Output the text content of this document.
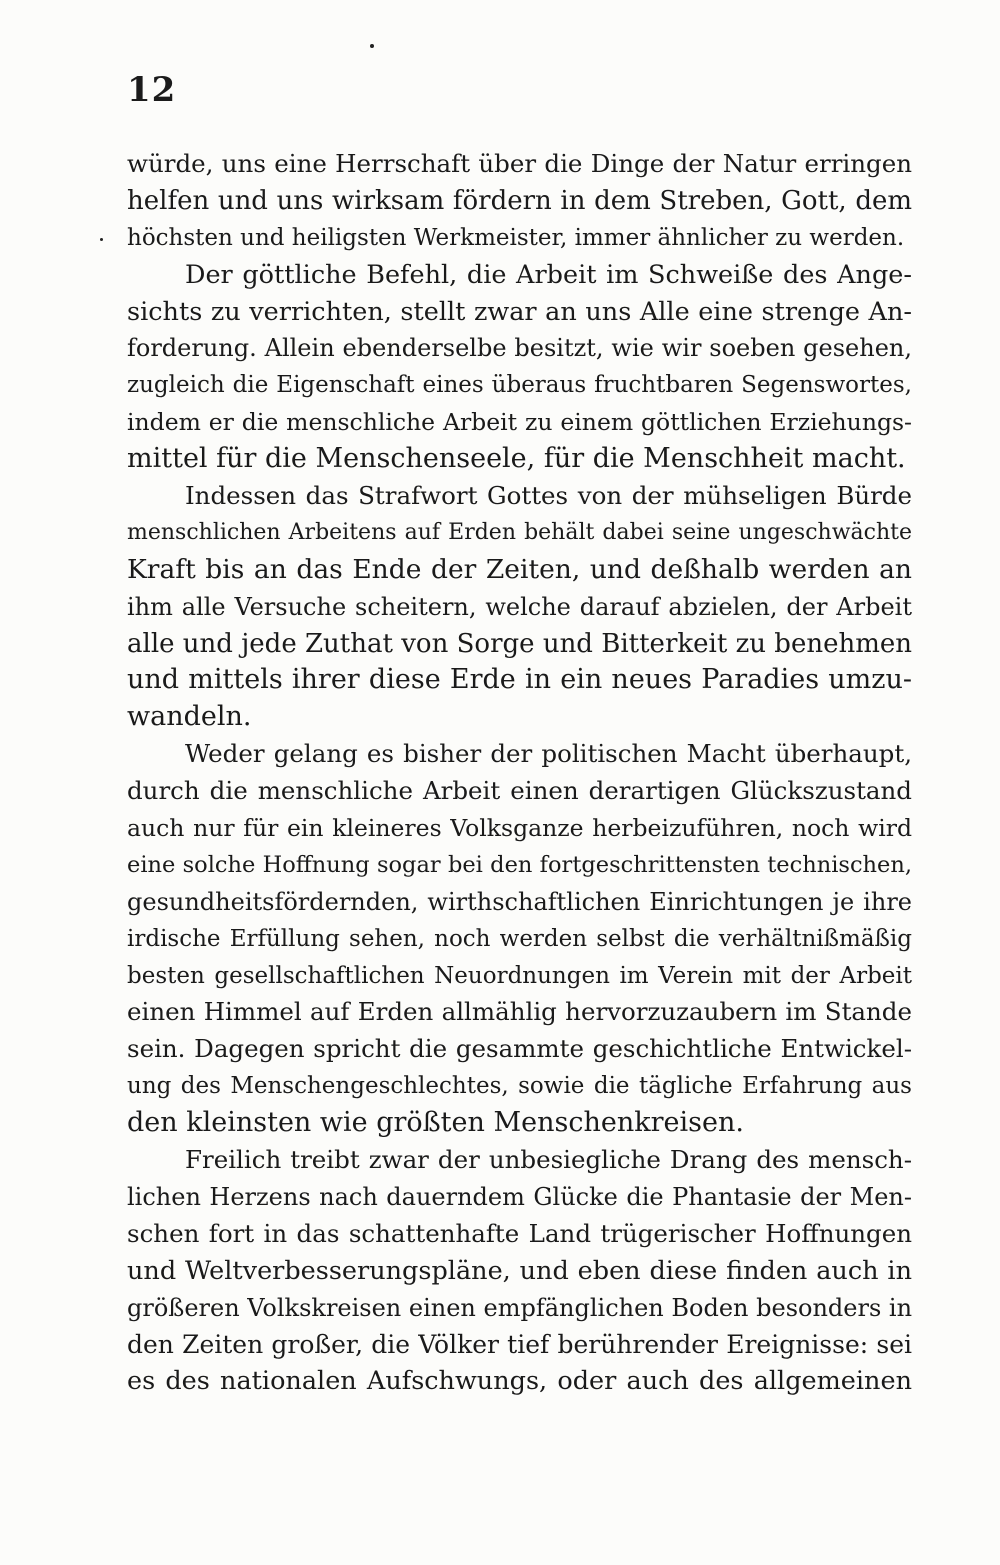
12
würde, uns eine Herrschaft über die Dinge der Natur erringen
helfen und uns wirksam fördern in dem Streben, Gott, dem
höchsten und heiligsten Werkmeister, immer ähnlicher zu werden.
Der göttliche Befehl, die Arbeit im Schweiße des Ange-
sichts zu verrichten, stellt zwar an uns Alle eine strenge An-
forderung. Allein ebenderselbe besitzt, wie wir soeben gesehen,
zugleich die Eigenschaft eines überaus fruchtbaren Segenswortes,
indem er die menschliche Arbeit zu einem göttlichen Erziehungs-
mittel für die Menschenseele, für die Menschheit macht.
Indessen das Strafwort Gottes von der mühseligen Bürde
menschlichen Arbeitens auf Erden behält dabei seine ungeschwächte
Kraft bis an das Ende der Zeiten, und deßhalb werden an
ihm alle Versuche scheitern, welche darauf abzielen, der Arbeit
alle und jede Zuthat von Sorge und Bitterkeit zu benehmen
und mittels ihrer diese Erde in ein neues Paradies umzu-
wandeln.
Weder gelang es bisher der politischen Macht überhaupt,
durch die menschliche Arbeit einen derartigen Glückszustand
auch nur für ein kleineres Volksganze herbeizuführen, noch wird
eine solche Hoffnung sogar bei den fortgeschrittensten technischen,
gesundheitsfördernden, wirthschaftlichen Einrichtungen je ihre
irdische Erfüllung sehen, noch werden selbst die verhältnißmäßig
besten gesellschaftlichen Neuordnungen im Verein mit der Arbeit
einen Himmel auf Erden allmählig hervorzuzaubern im Stande
sein. Dagegen spricht die gesammte geschichtliche Entwickel-
ung des Menschengeschlechtes, sowie die tägliche Erfahrung aus
den kleinsten wie größten Menschenkreisen.
Freilich treibt zwar der unbesiegliche Drang des mensch-
lichen Herzens nach dauerndem Glücke die Phantasie der Men-
schen fort in das schattenhafte Land trügerischer Hoffnungen
und Weltverbesserungspläne, und eben diese finden auch in
größeren Volkskreisen einen empfänglichen Boden besonders in
den Zeiten großer, die Völker tief berührender Ereignisse: sei
es des nationalen Aufschwungs, oder auch des allgemeinen
